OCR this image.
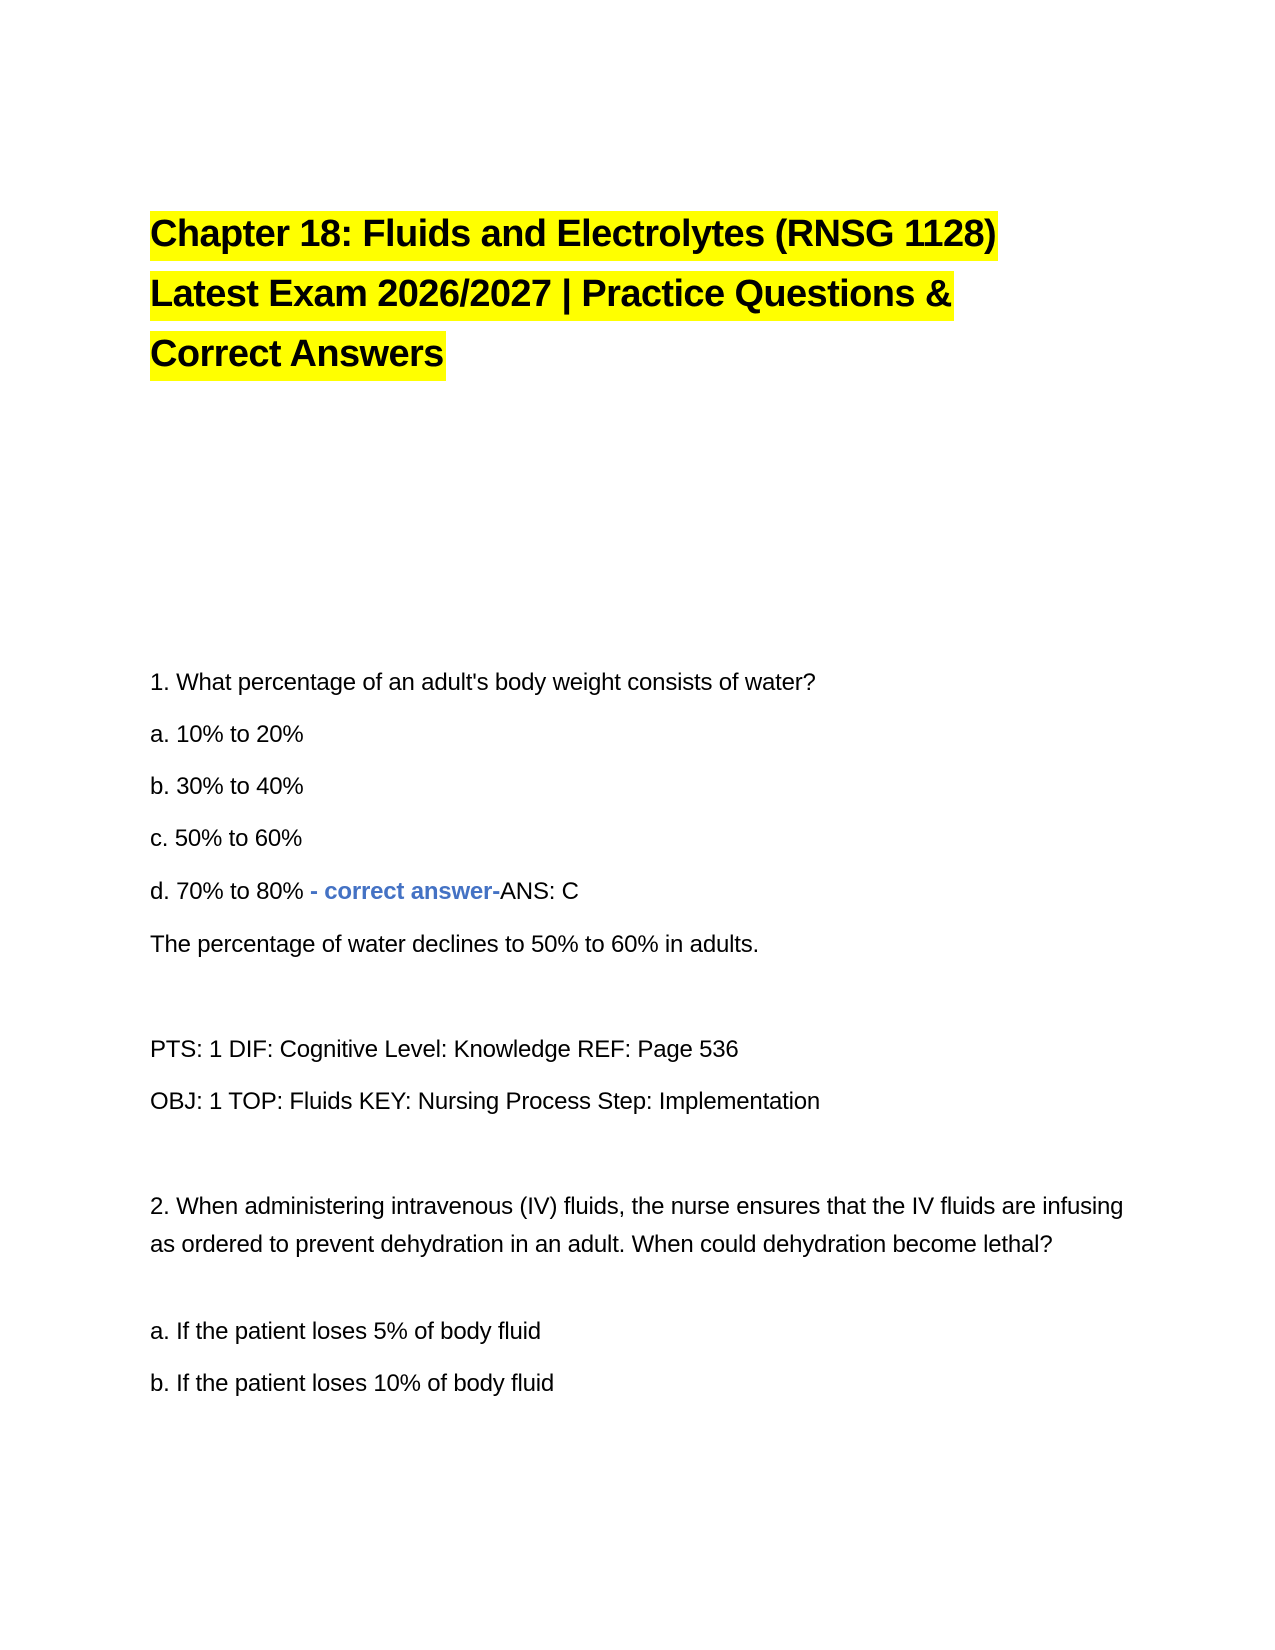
Chapter 18: Fluids and Electrolytes (RNSG 1128)
Latest Exam 2026/2027 | Practice Questions &
Correct Answers

1. What percentage of an adult's body weight consists of water?

a. 10% to 20%

b. 30% to 40%

c. 50% to 60%

d. 70% to 80% - correct answer-ANS: C

The percentage of water declines to 50% to 60% in adults.

PTS: 1 DIF: Cognitive Level: Knowledge REF: Page 536

OBJ: 1 TOP: Fluids KEY: Nursing Process Step: Implementation

2. When administering intravenous (IV) fluids, the nurse ensures that the IV fluids are infusing as ordered to prevent dehydration in an adult. When could dehydration become lethal?

a. If the patient loses 5% of body fluid

b. If the patient loses 10% of body fluid
